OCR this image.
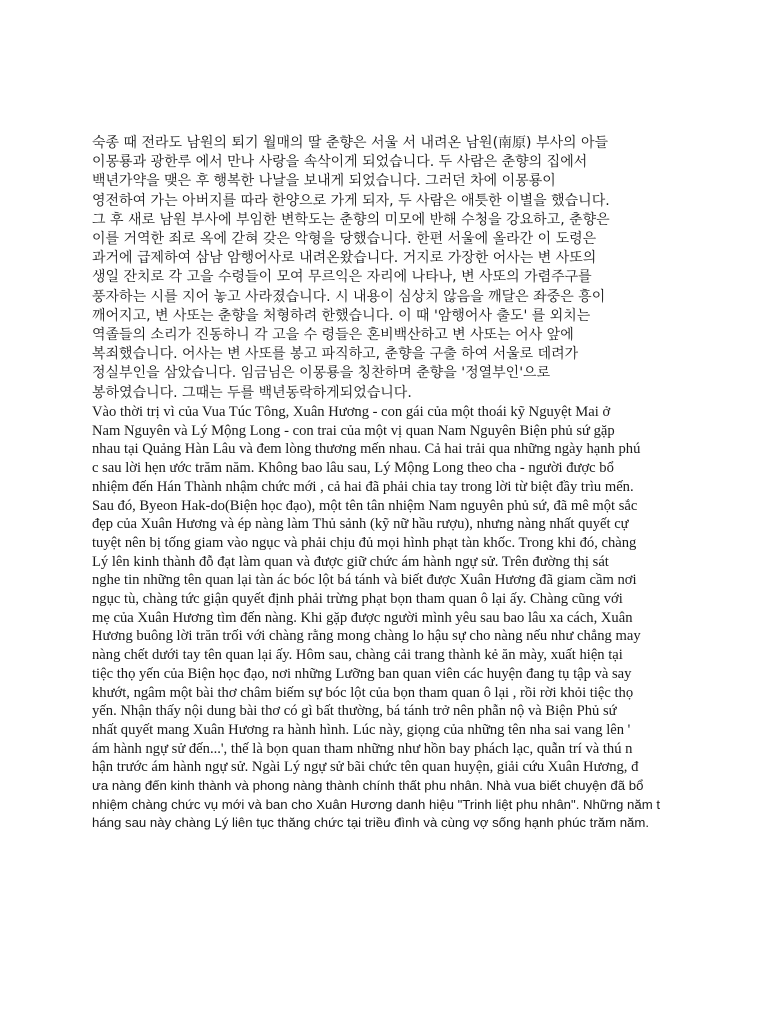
숙종 때 전라도 남원의 퇴기 월매의 딸 춘향은 서울 서 내려온 남원(南原) 부사의 아들
이몽룡과 광한루 에서 만나 사랑을 속삭이게 되었습니다. 두 사람은 춘향의 집에서
백년가약을 맺은 후 행복한 나날을 보내게 되었습니다. 그러던 차에 이몽룡이
영전하여 가는 아버지를 따라 한양으로 가게 되자, 두 사람은 애틋한 이별을 했습니다.
그 후 새로 남원 부사에 부임한 변학도는 춘향의 미모에 반해 수청을 강요하고, 춘향은
이를 거역한 죄로 옥에 갇혀 갖은 악형을 당했습니다. 한편 서울에 올라간 이 도령은
과거에 급제하여 삼남 암행어사로 내려온왔습니다. 거지로 가장한 어사는 변 사또의
생일 잔치로 각 고을 수령들이 모여 무르익은 자리에 나타나, 변 사또의 가렴주구를
풍자하는 시를 지어 놓고 사라졌습니다. 시 내용이 심상치 않음을 깨달은 좌중은 흥이
깨어지고, 변 사또는 춘향을 처형하려 한했습니다. 이 때 '암행어사 출도' 를 외치는
역졸들의 소리가 진동하니 각 고을 수 령들은 혼비백산하고 변 사또는 어사 앞에
복죄했습니다. 어사는 변 사또를 봉고 파직하고, 춘향을 구출 하여 서울로 데려가
정실부인을 삼았습니다. 임금님은 이몽룡을 칭찬하며 춘향을 '정열부인'으로
봉하였습니다. 그때는 두를 백년동락하게되었습니다.
Vào thời trị vì của Vua Túc Tông, Xuân Hương - con gái của một thoái kỹ Nguyệt Mai ở
Nam Nguyên và Lý Mộng Long - con trai của một vị quan Nam Nguyên Biện phủ sứ gặp
nhau tại Quảng Hàn Lâu và đem lòng thương mến nhau. Cả hai trải qua những ngày hạnh phú
c sau lời hẹn ước trăm năm. Không bao lâu sau, Lý Mộng Long theo cha - người được bổ
nhiệm đến Hán Thành nhậm chức mới , cả hai đã phải chia tay trong lời từ biệt đầy trìu mến.
Sau đó, Byeon Hak-do(Biện học đạo), một tên tân nhiệm Nam nguyên phủ sứ, đã mê một sắc
đẹp của Xuân Hương và ép nàng làm Thủ sảnh (kỹ nữ hầu rượu), nhưng nàng nhất quyết cự
tuyệt nên bị tống giam vào ngục và phải chịu đủ mọi hình phạt tàn khốc. Trong khi đó, chàng
Lý lên kinh thành đỗ đạt làm quan và được giữ chức ám hành ngự sử. Trên đường thị sát
nghe tin những tên quan lại tàn ác bóc lột bá tánh và biết được Xuân Hương đã giam cầm nơi
ngục tù, chàng tức giận quyết định phải trừng phạt bọn tham quan ô lại ấy. Chàng cũng với
mẹ của Xuân Hương tìm đến nàng. Khi gặp được người mình yêu sau bao lâu xa cách, Xuân
Hương buông lời trăn trối với chàng rằng mong chàng lo hậu sự cho nàng nếu như chẳng may
nàng chết dưới tay tên quan lại ấy. Hôm sau, chàng cải trang thành kẻ ăn mày, xuất hiện tại
tiệc thọ yến của Biện học đạo, nơi những Lưỡng ban quan viên các huyện đang tụ tập và say
khướt, ngâm một bài thơ châm biếm sự bóc lột của bọn tham quan ô lại , rồi rời khỏi tiệc thọ
yến. Nhận thấy nội dung bài thơ có gì bất thường, bá tánh trở nên phẫn nộ và Biện Phủ sứ
nhất quyết mang Xuân Hương ra hành hình. Lúc này, giọng của những tên nha sai vang lên '
ám hành ngự sử đến...', thế là bọn quan tham những như hồn bay phách lạc, quẫn trí và thú n
hận trước ám hành ngự sử. Ngài Lý ngự sử bãi chức tên quan huyện, giải cứu Xuân Hương, đ
ưa nàng đến kinh thành và phong nàng thành chính thất phu nhân. Nhà vua biết chuyện đã bổ
nhiệm chàng chức vụ mới và ban cho Xuân Hương danh hiệu "Trinh liệt phu nhân". Những năm t
háng sau này chàng Lý liên tục thăng chức tại triều đình và cùng vợ sống hạnh phúc trăm năm.
